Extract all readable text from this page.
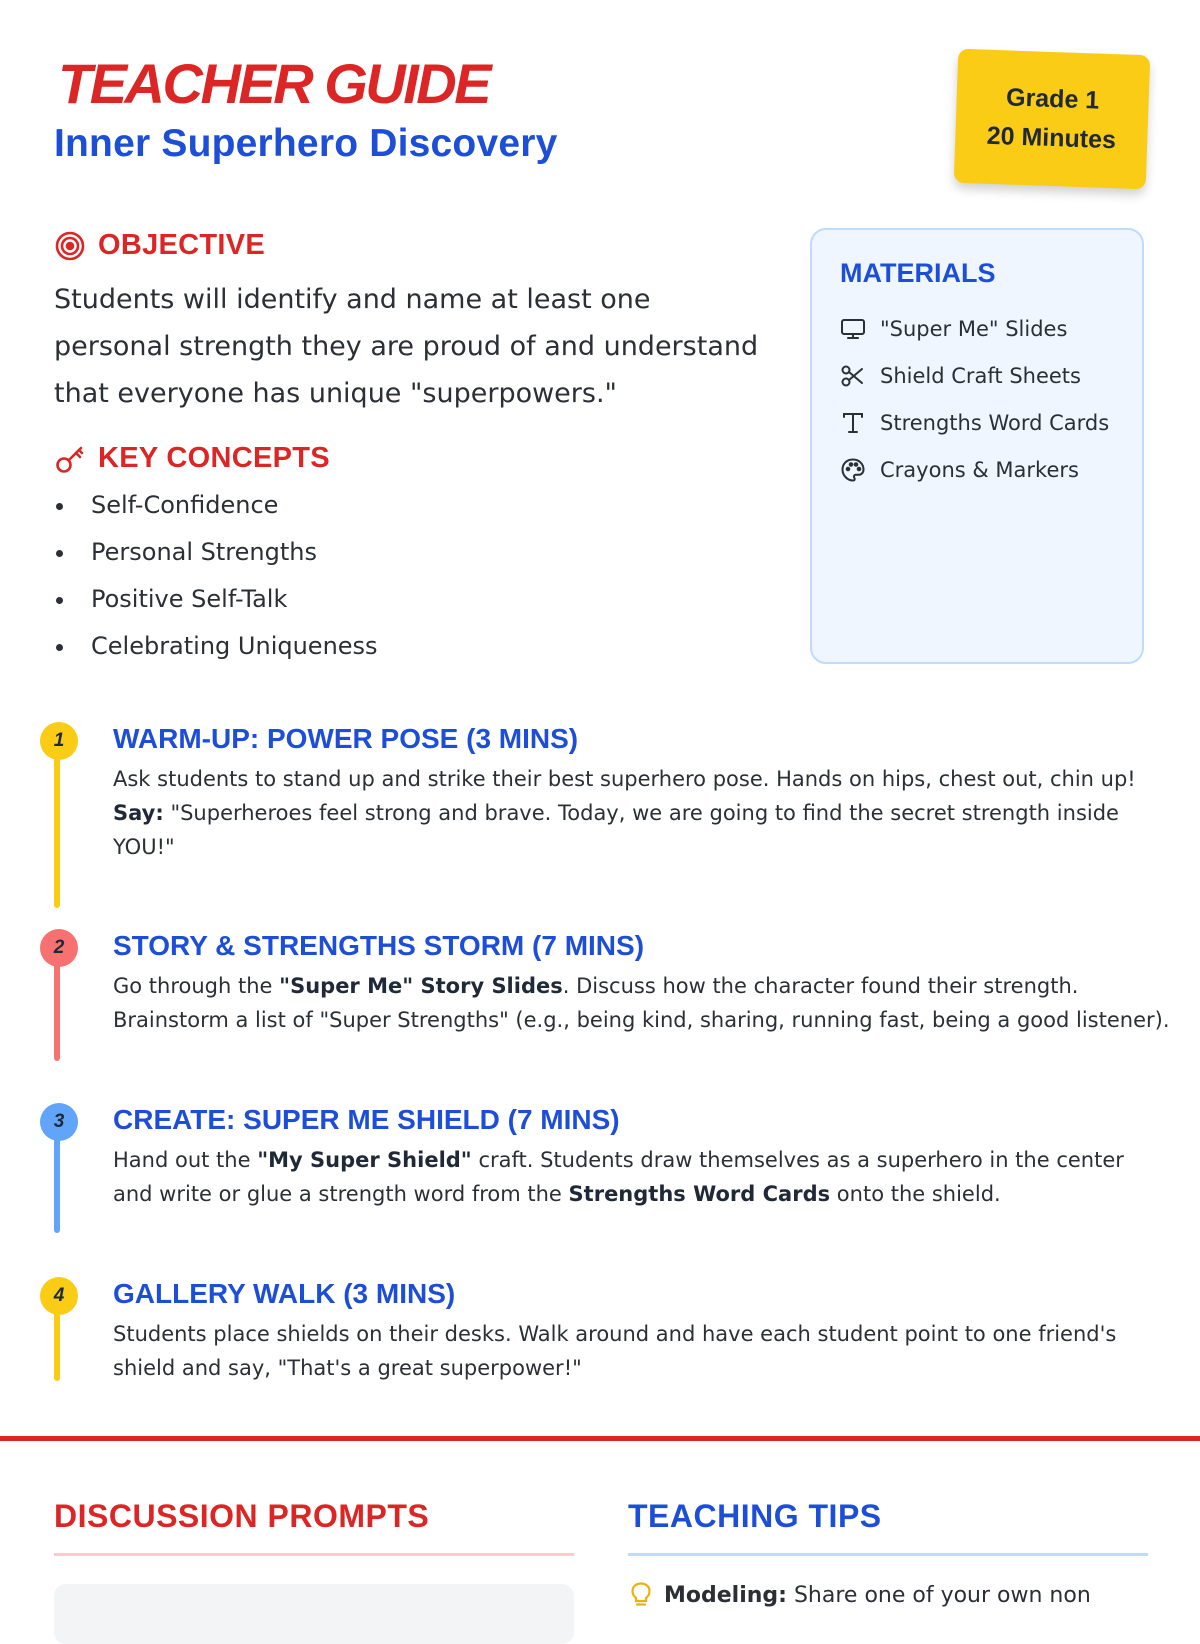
TEACHER GUIDE
Inner Superhero Discovery
Grade 1
20 Minutes
OBJECTIVE

Students will identify and name at least one personal strength they are proud of and understand that everyone has unique "superpowers."

KEY CONCEPTS
Self-Confidence
Personal Strengths
Positive Self-Talk
Celebrating Uniqueness
MATERIALS
"Super Me" Slides
Shield Craft Sheets
Strengths Word Cards
Crayons & Markers
1	WARM-UP: POWER POSE (3 MINS)

Ask students to stand up and strike their best superhero pose. Hands on hips, chest out, chin up!
Say: "Superheroes feel strong and brave. Today, we are going to find the secret strength inside YOU!"

2	STORY & STRENGTHS STORM (7 MINS)

Go through the "Super Me" Story Slides. Discuss how the character found their strength. Brainstorm a list of "Super Strengths" (e.g., being kind, sharing, running fast, being a good listener).

3	CREATE: SUPER ME SHIELD (7 MINS)

Hand out the "My Super Shield" craft. Students draw themselves as a superhero in the center and write or glue a strength word from the Strengths Word Cards onto the shield.

4	GALLERY WALK (3 MINS)

Students place shields on their desks. Walk around and have each student point to one friend's shield and say, "That's a great superpower!"

DISCUSSION PROMPTS	TEACHING TIPS
Modeling: Share one of your own non
